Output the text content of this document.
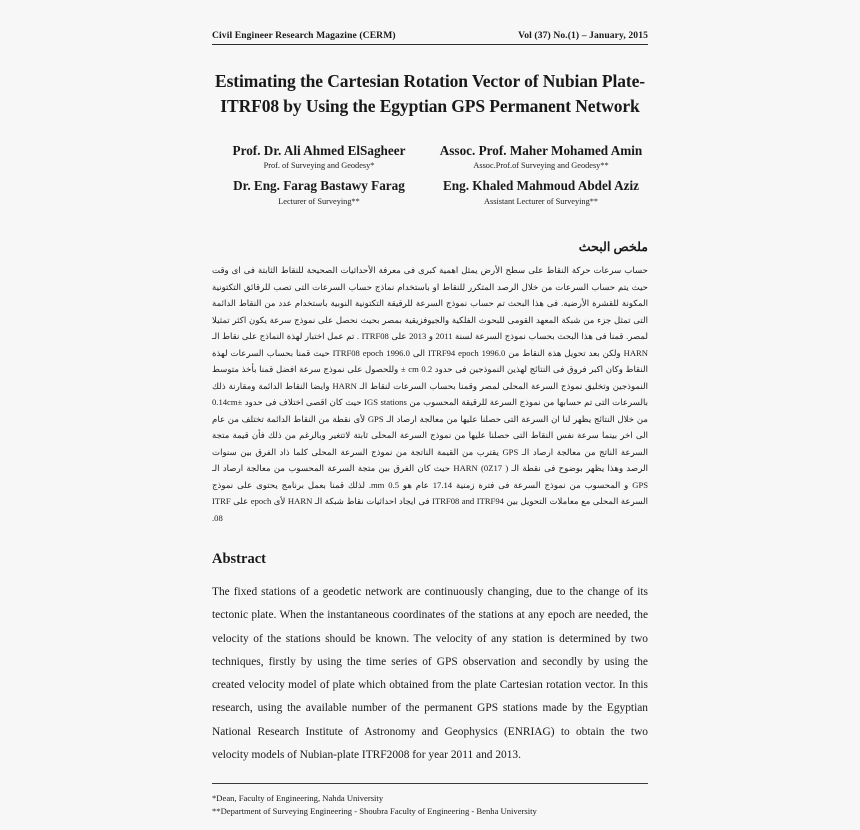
Civil Engineer Research Magazine (CERM)	Vol (37) No.(1) – January, 2015
Estimating the Cartesian Rotation Vector of Nubian Plate-ITRF08 by Using the Egyptian GPS Permanent Network
Prof. Dr. Ali Ahmed ElSagheer
Prof. of Surveying and Geodesy*
Assoc. Prof. Maher Mohamed Amin
Assoc.Prof.of Surveying and Geodesy**
Dr. Eng. Farag Bastawy Farag
Lecturer of Surveying**
Eng. Khaled Mahmoud Abdel Aziz
Assistant Lecturer of Surveying**
ملخص البحث

حساب سرعات حركة النقاط على سطح الأرض يمثل اهمية كبرى فى معرفة الأحداثيات الصحيحة للنقاط الثابتة فى اى وقت حيث يتم حساب السرعات من خلال الرصد المتكرر للنقاط او باستخدام نماذج حساب السرعات التى تصب للرقائق التكتونية المكونة للقشرة الأرضية. فى هذا البحث تم حساب نموذج السرعة للرقيقة التكتونية النوبية باستخدام عدد من النقاط الدائمة التى تمثل جزء من شبكة المعهد القومى للبحوث الفلكية والجيوفزيقية بمصر بحيث نحصل على نموذج سرعة يكون اكثر تمثيلا لمصر. قمنا فى هذا البحث بحساب نموذج السرعة لسنة 2011 و 2013 على ITRF08 . تم عمل اختبار لهذة النماذج على نقاط الـ HARN ولكن بعد تحويل هذة النقاط من ITRF94 epoch 1996.0 الى ITRF08 epoch 1996.0 حيث قمنا بحساب السرعات لهذة النقاط وكان اكبر فروق فى النتائج لهذين النموذجين فى حدود 0.2 cm ± وللحصول على نموذج سرعة افضل قمنا بأخذ متوسط النموذجين وتخليق نموذج السرعة المحلى لمصر وقمنا بحساب السرعات لنقاط الـ HARN وايضا النقاط الدائمة ومقارنة ذلك بالسرعات التى تم حسابها من نموذج السرعة للرقيقة المحسوب من IGS stations حيث كان اقصى اختلاف فى حدود ±0.14cm من خلال النتائج يظهر لنا ان السرعة التى حصلنا عليها من معالجة ارصاد الـ GPS لأى نقطة من النقاط الدائمة تختلف من عام الى اخر بينما سرعة نفس النقاط التى حصلنا عليها من نموذج السرعة المحلى ثابتة لاتتغير وبالرغم من ذلك فأن قيمة متجة السرعة الناتج من معالجة ارصاد الـ GPS يقترب من القيمة الناتجة من نموذج السرعة المحلى كلما ذاد الفرق بين سنوات الرصد وهذا يظهر بوضوح فى نقطة الـ HARN (0Z17 ) حيث كان الفرق بين متجة السرعة المحسوب من معالجة ارصاد الـ GPS و المحسوب من نموذج السرعة فى فترة زمنية 17.14 عام هو 0.5 mm. لذلك قمنا بعمل برنامج يحتوى على نموذج السرعة المحلى مع معاملات التحويل بين ITRF08 and ITRF94 فى ايجاد احداثيات نقاط شبكة الـ HARN لأى epoch على ITRF 08.

Abstract

The fixed stations of a geodetic network are continuously changing, due to the change of its tectonic plate. When the instantaneous coordinates of the stations at any epoch are needed, the velocity of the stations should be known. The velocity of any station is determined by two techniques, firstly by using the time series of GPS observation and secondly by using the created velocity model of plate which obtained from the plate Cartesian rotation vector. In this research, using the available number of the permanent GPS stations made by the Egyptian National Research Institute of Astronomy and Geophysics (ENRIAG) to obtain the two velocity models of Nubian-plate ITRF2008 for year 2011 and 2013.

*Dean, Faculty of Engineering, Nahda University
**Department of Surveying Engineering - Shoubra Faculty of Engineering - Benha University
